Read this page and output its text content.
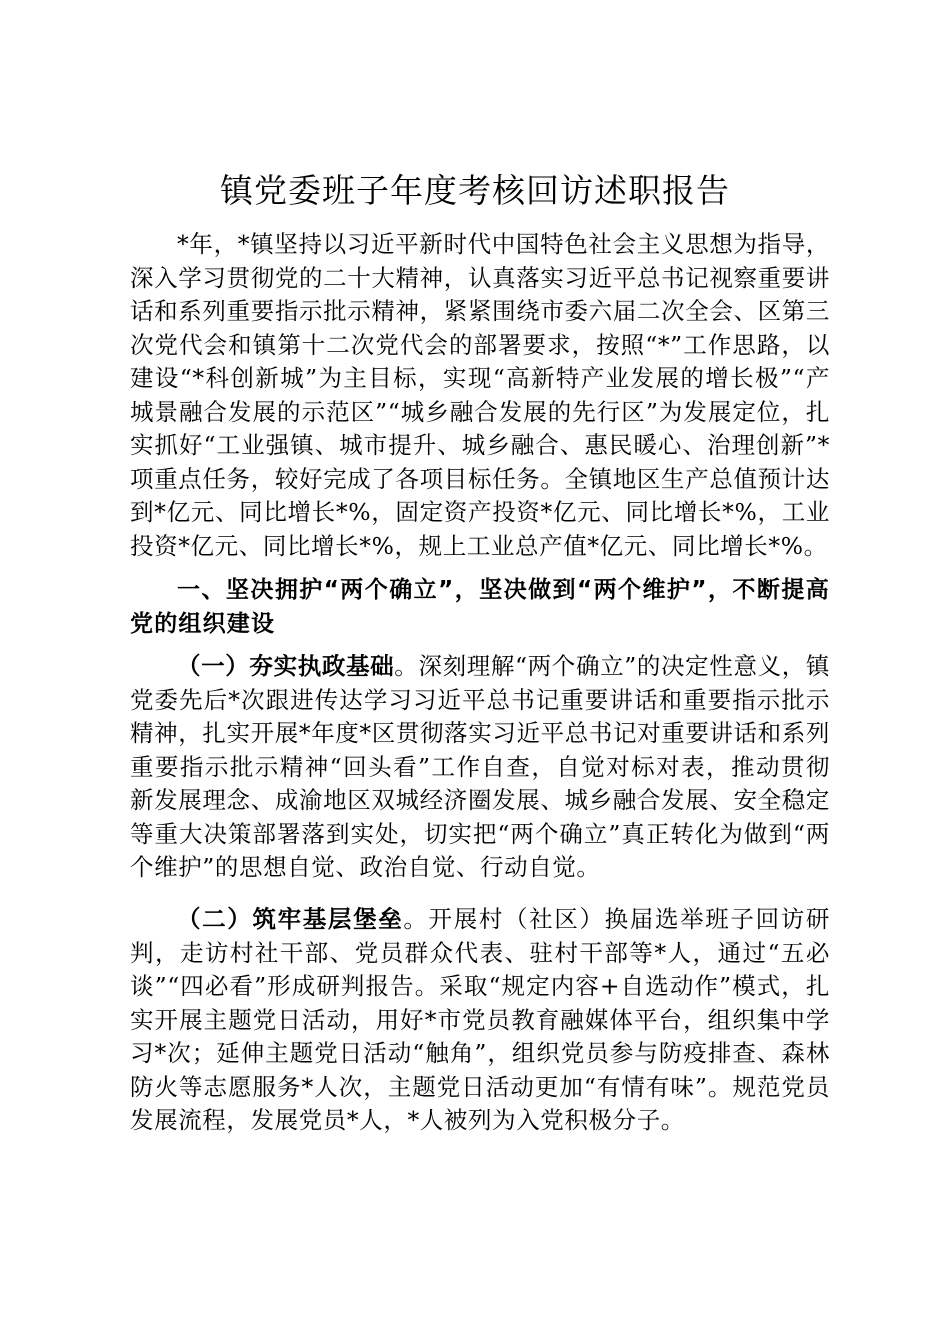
镇党委班子年度考核回访述职报告

*年，*镇坚持以习近平新时代中国特色社会主义思想为指导，深入学习贯彻党的二十大精神，认真落实习近平总书记视察重要讲话和系列重要指示批示精神，紧紧围绕市委六届二次全会、区第三次党代会和镇第十二次党代会的部署要求，按照“*”工作思路，以建设“*科创新城”为主目标，实现“高新特产业发展的增长极”“产城景融合发展的示范区”“城乡融合发展的先行区”为发展定位，扎实抓好“工业强镇、城市提升、城乡融合、惠民暖心、治理创新”*项重点任务，较好完成了各项目标任务。全镇地区生产总值预计达到*亿元、同比增长*%，固定资产投资*亿元、同比增长*%，工业投资*亿元、同比增长*%，规上工业总产值*亿元、同比增长*%。

一、坚决拥护“两个确立”，坚决做到“两个维护”，不断提高党的组织建设

（一）夯实执政基础。深刻理解“两个确立”的决定性意义，镇党委先后*次跟进传达学习习近平总书记重要讲话和重要指示批示精神，扎实开展*年度*区贯彻落实习近平总书记对重要讲话和系列重要指示批示精神“回头看”工作自查，自觉对标对表，推动贯彻新发展理念、成渝地区双城经济圈发展、城乡融合发展、安全稳定等重大决策部署落到实处，切实把“两个确立”真正转化为做到“两个维护”的思想自觉、政治自觉、行动自觉。

（二）筑牢基层堡垒。开展村（社区）换届选举班子回访研判，走访村社干部、党员群众代表、驻村干部等*人，通过“五必谈”“四必看”形成研判报告。采取“规定内容+自选动作”模式，扎实开展主题党日活动，用好*市党员教育融媒体平台，组织集中学习*次；延伸主题党日活动“触角”，组织党员参与防疫排查、森林防火等志愿服务*人次，主题党日活动更加“有情有味”。规范党员发展流程，发展党员*人，*人被列为入党积极分子。
